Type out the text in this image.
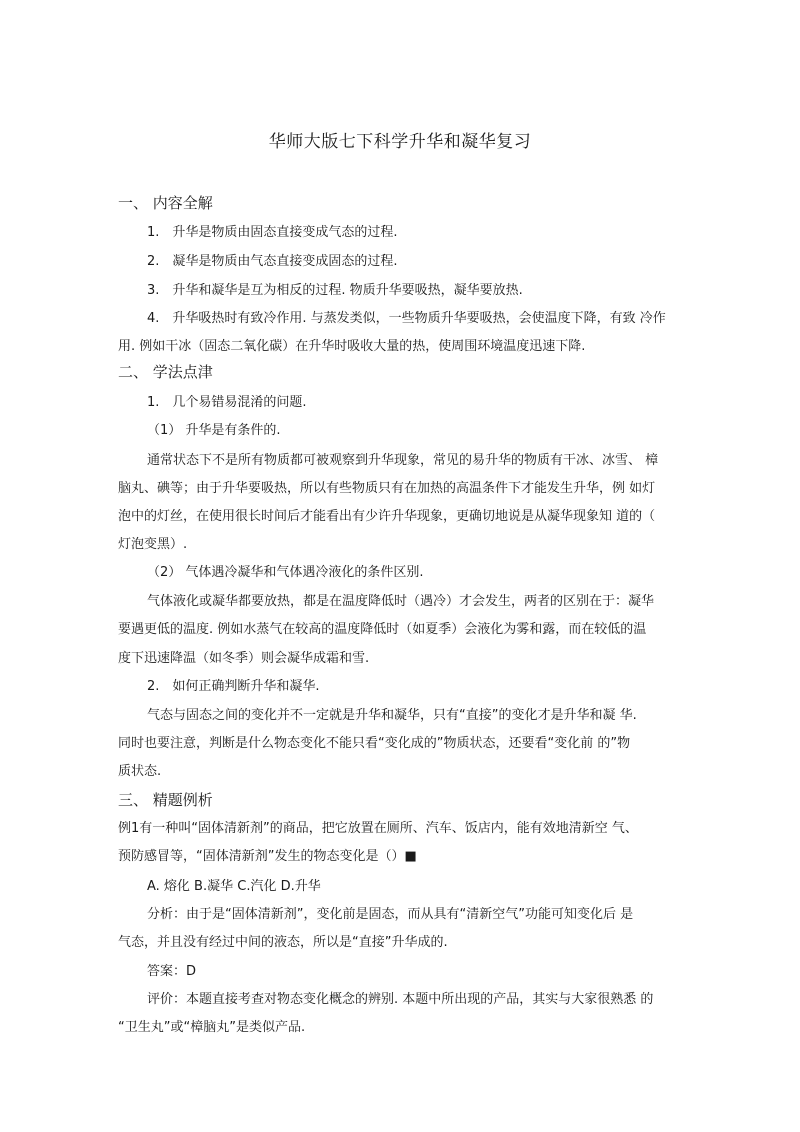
华师大版七下科学升华和凝华复习
一、 内容全解
1.　升华是物质由固态直接变成气态的过程.
2.　凝华是物质由气态直接变成固态的过程.
3.　升华和凝华是互为相反的过程. 物质升华要吸热，凝华要放热.
4.　升华吸热时有致冷作用. 与蒸发类似，一些物质升华要吸热，会使温度下降，有致 冷作
用. 例如干冰（固态二氧化碳）在升华时吸收大量的热，使周围环境温度迅速下降.
二、 学法点津
1.　几个易错易混淆的问题.
（1） 升华是有条件的.
通常状态下不是所有物质都可被观察到升华现象，常见的易升华的物质有干冰、冰雪、 樟
脑丸、碘等；由于升华要吸热，所以有些物质只有在加热的高温条件下才能发生升华，例 如灯
泡中的灯丝，在使用很长时间后才能看出有少许升华现象，更确切地说是从凝华现象知 道的（
灯泡变黑）.
（2） 气体遇冷凝华和气体遇冷液化的条件区别.
气体液化或凝华都要放热，都是在温度降低时（遇冷）才会发生，两者的区别在于：凝华
要遇更低的温度. 例如水蒸气在较高的温度降低时（如夏季）会液化为雾和露，而在较低的温
度下迅速降温（如冬季）则会凝华成霜和雪.
2.　如何正确判断升华和凝华.
气态与固态之间的变化并不一定就是升华和凝华，只有“直接”的变化才是升华和凝 华.
同时也要注意，判断是什么物态变化不能只看“变化成的”物质状态，还要看“变化前 的”物
质状态.
三、 精题例析
例1有一种叫“固体清新剂”的商品，把它放置在厕所、汽车、饭店内，能有效地清新空 气、
预防感冒等，“固体清新剂”发生的物态变化是（）■
A. 熔化 B.凝华 C.汽化 D.升华
分析：由于是“固体清新剂”，变化前是固态，而从具有“清新空气”功能可知变化后 是
气态，并且没有经过中间的液态，所以是“直接”升华成的.
答案：D
评价：本题直接考查对物态变化概念的辨别. 本题中所出现的产品，其实与大家很熟悉 的
“卫生丸”或“樟脑丸”是类似产品.
